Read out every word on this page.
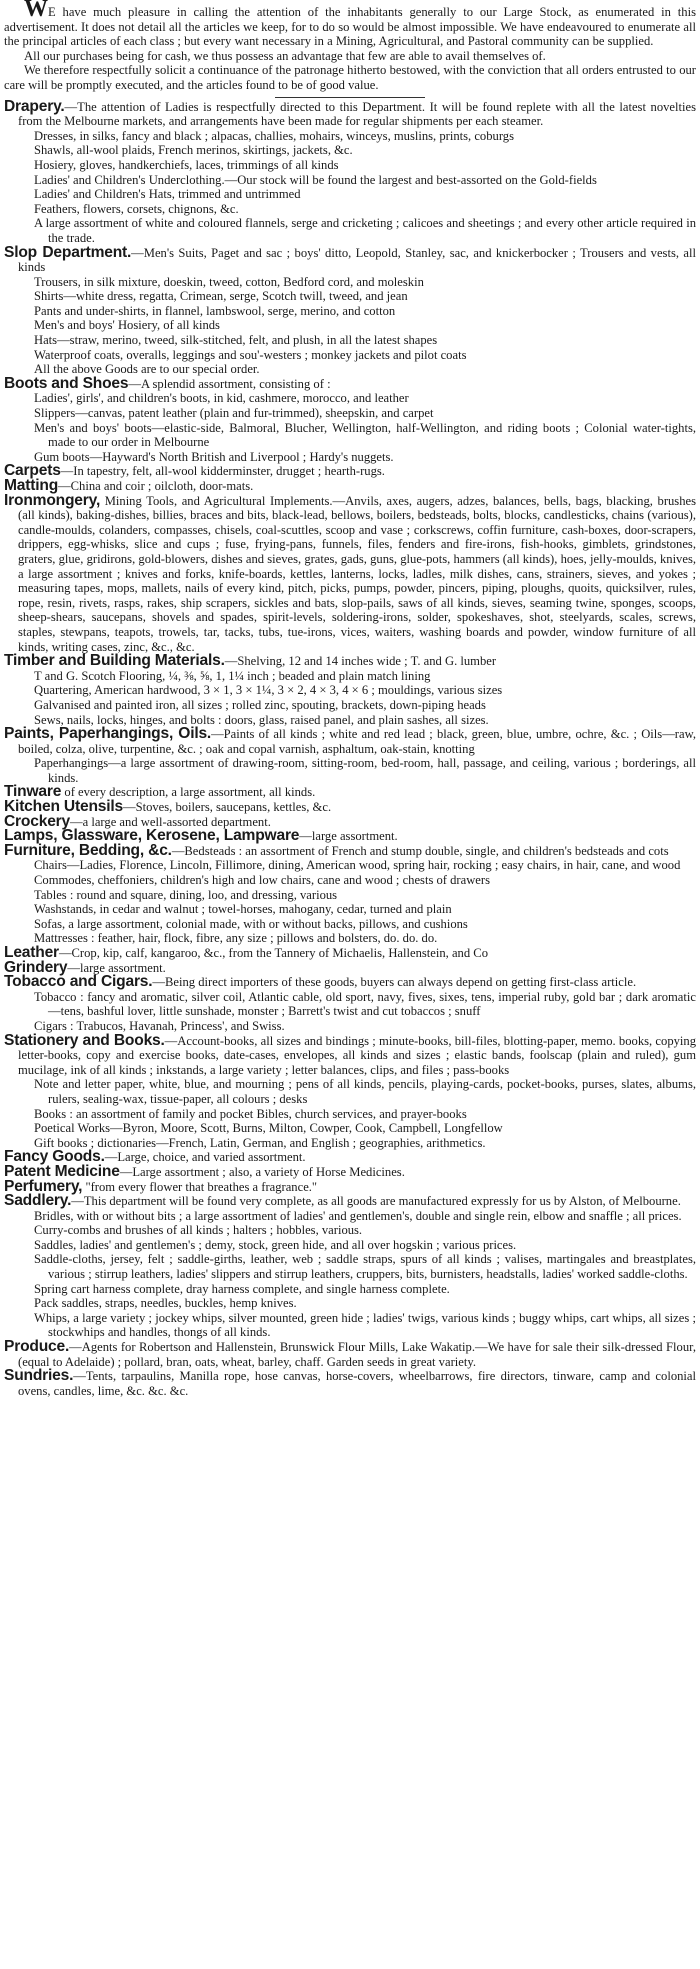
WE have much pleasure in calling the attention of the inhabitants generally to our Large Stock, as enumerated in this advertisement. It does not detail all the articles we keep, for to do so would be almost impossible. We have endeavoured to enumerate all the principal articles of each class ; but every want necessary in a Mining, Agricultural, and Pastoral community can be supplied.

All our purchases being for cash, we thus possess an advantage that few are able to avail themselves of.

We therefore respectfully solicit a continuance of the patronage hitherto bestowed, with the conviction that all orders entrusted to our care will be promptly executed, and the articles found to be of good value.

Drapery.—The attention of Ladies is respectfully directed to this Department. It will be found replete with all the latest novelties from the Melbourne markets, and arrangements have been made for regular shipments per each steamer.

Dresses, in silks, fancy and black ; alpacas, challies, mohairs, winceys, muslins, prints, coburgs

Shawls, all-wool plaids, French merinos, skirtings, jackets, &c.

Hosiery, gloves, handkerchiefs, laces, trimmings of all kinds

Ladies' and Children's Underclothing.—Our stock will be found the largest and best-assorted on the Gold-fields

Ladies' and Children's Hats, trimmed and untrimmed

Feathers, flowers, corsets, chignons, &c.

A large assortment of white and coloured flannels, serge and cricketing ; calicoes and sheetings ; and every other article required in the trade.

Slop Department.—Men's Suits, Paget and sac ; boys' ditto, Leopold, Stanley, sac, and knickerbocker ; Trousers and vests, all kinds

Trousers, in silk mixture, doeskin, tweed, cotton, Bedford cord, and moleskin

Shirts—white dress, regatta, Crimean, serge, Scotch twill, tweed, and jean

Pants and under-shirts, in flannel, lambswool, serge, merino, and cotton

Men's and boys' Hosiery, of all kinds

Hats—straw, merino, tweed, silk-stitched, felt, and plush, in all the latest shapes

Waterproof coats, overalls, leggings and sou'-westers ; monkey jackets and pilot coats

All the above Goods are to our special order.

Boots and Shoes—A splendid assortment, consisting of :

Ladies', girls', and children's boots, in kid, cashmere, morocco, and leather

Slippers—canvas, patent leather (plain and fur-trimmed), sheepskin, and carpet

Men's and boys' boots—elastic-side, Balmoral, Blucher, Wellington, half-Wellington, and riding boots ; Colonial water-tights, made to our order in Melbourne

Gum boots—Hayward's North British and Liverpool ; Hardy's nuggets.

Carpets—In tapestry, felt, all-wool kidderminster, drugget ; hearth-rugs.

Matting—China and coir ; oilcloth, door-mats.

Ironmongery, Mining Tools, and Agricultural Implements.—Anvils, axes, augers, adzes, balances, bells, bags, blacking, brushes (all kinds), baking-dishes, billies, braces and bits, black-lead, bellows, boilers, bedsteads, bolts, blocks, candlesticks, chains (various), candle-moulds, colanders, compasses, chisels, coal-scuttles, scoop and vase ; corkscrews, coffin furniture, cash-boxes, door-scrapers, drippers, egg-whisks, slice and cups ; fuse, frying-pans, funnels, files, fenders and fire-irons, fish-hooks, gimblets, grindstones, graters, glue, gridirons, gold-blowers, dishes and sieves, grates, gads, guns, glue-pots, hammers (all kinds), hoes, jelly-moulds, knives, a large assortment ; knives and forks, knife-boards, kettles, lanterns, locks, ladles, milk dishes, cans, strainers, sieves, and yokes ; measuring tapes, mops, mallets, nails of every kind, pitch, picks, pumps, powder, pincers, piping, ploughs, quoits, quicksilver, rules, rope, resin, rivets, rasps, rakes, ship scrapers, sickles and bats, slop-pails, saws of all kinds, sieves, seaming twine, sponges, scoops, sheep-shears, saucepans, shovels and spades, spirit-levels, soldering-irons, solder, spokeshaves, shot, steelyards, scales, screws, staples, stewpans, teapots, trowels, tar, tacks, tubs, tue-irons, vices, waiters, washing boards and powder, window furniture of all kinds, writing cases, zinc, &c., &c.

Timber and Building Materials.—Shelving, 12 and 14 inches wide ; T. and G. lumber

T and G. Scotch Flooring, ¼, ⅜, ⅝, 1, 1¼ inch ; beaded and plain match lining

Quartering, American hardwood, 3 × 1, 3 × 1¼, 3 × 2, 4 × 3, 4 × 6 ; mouldings, various sizes

Galvanised and painted iron, all sizes ; rolled zinc, spouting, brackets, down-piping heads

Sews, nails, locks, hinges, and bolts : doors, glass, raised panel, and plain sashes, all sizes.

Paints, Paperhangings, Oils.—Paints of all kinds ; white and red lead ; black, green, blue, umbre, ochre, &c. ; Oils—raw, boiled, colza, olive, turpentine, &c. ; oak and copal varnish, asphaltum, oak-stain, knotting

Paperhangings—a large assortment of drawing-room, sitting-room, bed-room, hall, passage, and ceiling, various ; borderings, all kinds.

Tinware of every description, a large assortment, all kinds.

Kitchen Utensils—Stoves, boilers, saucepans, kettles, &c.

Crockery—a large and well-assorted department.

Lamps, Glassware, Kerosene, Lampware—large assortment.

Furniture, Bedding, &c.—Bedsteads : an assortment of French and stump double, single, and children's bedsteads and cots

Chairs—Ladies, Florence, Lincoln, Fillimore, dining, American wood, spring hair, rocking ; easy chairs, in hair, cane, and wood

Commodes, cheffoniers, children's high and low chairs, cane and wood ; chests of drawers

Tables : round and square, dining, loo, and dressing, various

Washstands, in cedar and walnut ; towel-horses, mahogany, cedar, turned and plain

Sofas, a large assortment, colonial made, with or without backs, pillows, and cushions

Mattresses : feather, hair, flock, fibre, any size ; pillows and bolsters, do. do. do.

Leather—Crop, kip, calf, kangaroo, &c., from the Tannery of Michaelis, Hallenstein, and Co

Grindery—large assortment.

Tobacco and Cigars.—Being direct importers of these goods, buyers can always depend on getting first-class article.

Tobacco : fancy and aromatic, silver coil, Atlantic cable, old sport, navy, fives, sixes, tens, imperial ruby, gold bar ; dark aromatic—tens, bashful lover, little sunshade, monster ; Barrett's twist and cut tobaccos ; snuff

Cigars : Trabucos, Havanah, Princess', and Swiss.

Stationery and Books.—Account-books, all sizes and bindings ; minute-books, bill-files, blotting-paper, memo. books, copying letter-books, copy and exercise books, date-cases, envelopes, all kinds and sizes ; elastic bands, foolscap (plain and ruled), gum mucilage, ink of all kinds ; inkstands, a large variety ; letter balances, clips, and files ; pass-books

Note and letter paper, white, blue, and mourning ; pens of all kinds, pencils, playing-cards, pocket-books, purses, slates, albums, rulers, sealing-wax, tissue-paper, all colours ; desks

Books : an assortment of family and pocket Bibles, church services, and prayer-books

Poetical Works—Byron, Moore, Scott, Burns, Milton, Cowper, Cook, Campbell, Longfellow

Gift books ; dictionaries—French, Latin, German, and English ; geographies, arithmetics.

Fancy Goods.—Large, choice, and varied assortment.

Patent Medicine—Large assortment ; also, a variety of Horse Medicines.

Perfumery, "from every flower that breathes a fragrance."

Saddlery.—This department will be found very complete, as all goods are manufactured expressly for us by Alston, of Melbourne.

Bridles, with or without bits ; a large assortment of ladies' and gentlemen's, double and single rein, elbow and snaffle ; all prices.

Curry-combs and brushes of all kinds ; halters ; hobbles, various.

Saddles, ladies' and gentlemen's ; demy, stock, green hide, and all over hogskin ; various prices.

Saddle-cloths, jersey, felt ; saddle-girths, leather, web ; saddle straps, spurs of all kinds ; valises, martingales and breastplates, various ; stirrup leathers, ladies' slippers and stirrup leathers, cruppers, bits, burnisters, headstalls, ladies' worked saddle-cloths.

Spring cart harness complete, dray harness complete, and single harness complete.

Pack saddles, straps, needles, buckles, hemp knives.

Whips, a large variety ; jockey whips, silver mounted, green hide ; ladies' twigs, various kinds ; buggy whips, cart whips, all sizes ; stockwhips and handles, thongs of all kinds.

Produce.—Agents for Robertson and Hallenstein, Brunswick Flour Mills, Lake Wakatip.—We have for sale their silk-dressed Flour, (equal to Adelaide) ; pollard, bran, oats, wheat, barley, chaff. Garden seeds in great variety.

Sundries.—Tents, tarpaulins, Manilla rope, hose canvas, horse-covers, wheelbarrows, fire directors, tinware, camp and colonial ovens, candles, lime, &c. &c. &c.
